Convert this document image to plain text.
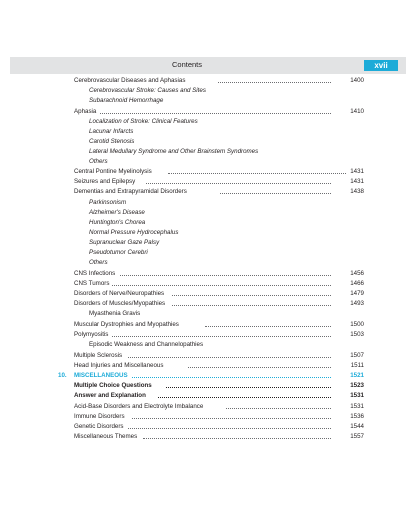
Contents	xvii
Cerebrovascular Diseases and Aphasias	1400
Cerebrovascular Stroke: Causes and Sites
Subarachnoid Hemorrhage
Aphasia	1410
Localization of Stroke: Clinical Features
Lacunar Infarcts
Carotid Stenosis
Lateral Medullary Syndrome and Other Brainstem Syndromes
Others
Central Pontine Myelinolysis	1431
Seizures and Epilepsy	1431
Dementias and Extrapyramidal Disorders	1438
Parkinsonism
Alzheimer's Disease
Huntington's Chorea
Normal Pressure Hydrocephalus
Supranuclear Gaze Palsy
Pseudotumor Cerebri
Others
CNS Infections	1456
CNS Tumors	1466
Disorders of Nerve/Neuropathies	1479
Disorders of Muscles/Myopathies	1493
Myasthenia Gravis
Muscular Dystrophies and Myopathies	1500
Polymyositis	1503
Episodic Weakness and Channelopathies
Multiple Sclerosis	1507
Head Injuries and Miscellaneous	1511
10.	MISCELLANEOUS	1521
Multiple Choice Questions	1523
Answer and Explanation	1531
Acid-Base Disorders and Electrolyte Imbalance	1531
Immune Disorders	1536
Genetic Disorders	1544
Miscellaneous Themes	1557
